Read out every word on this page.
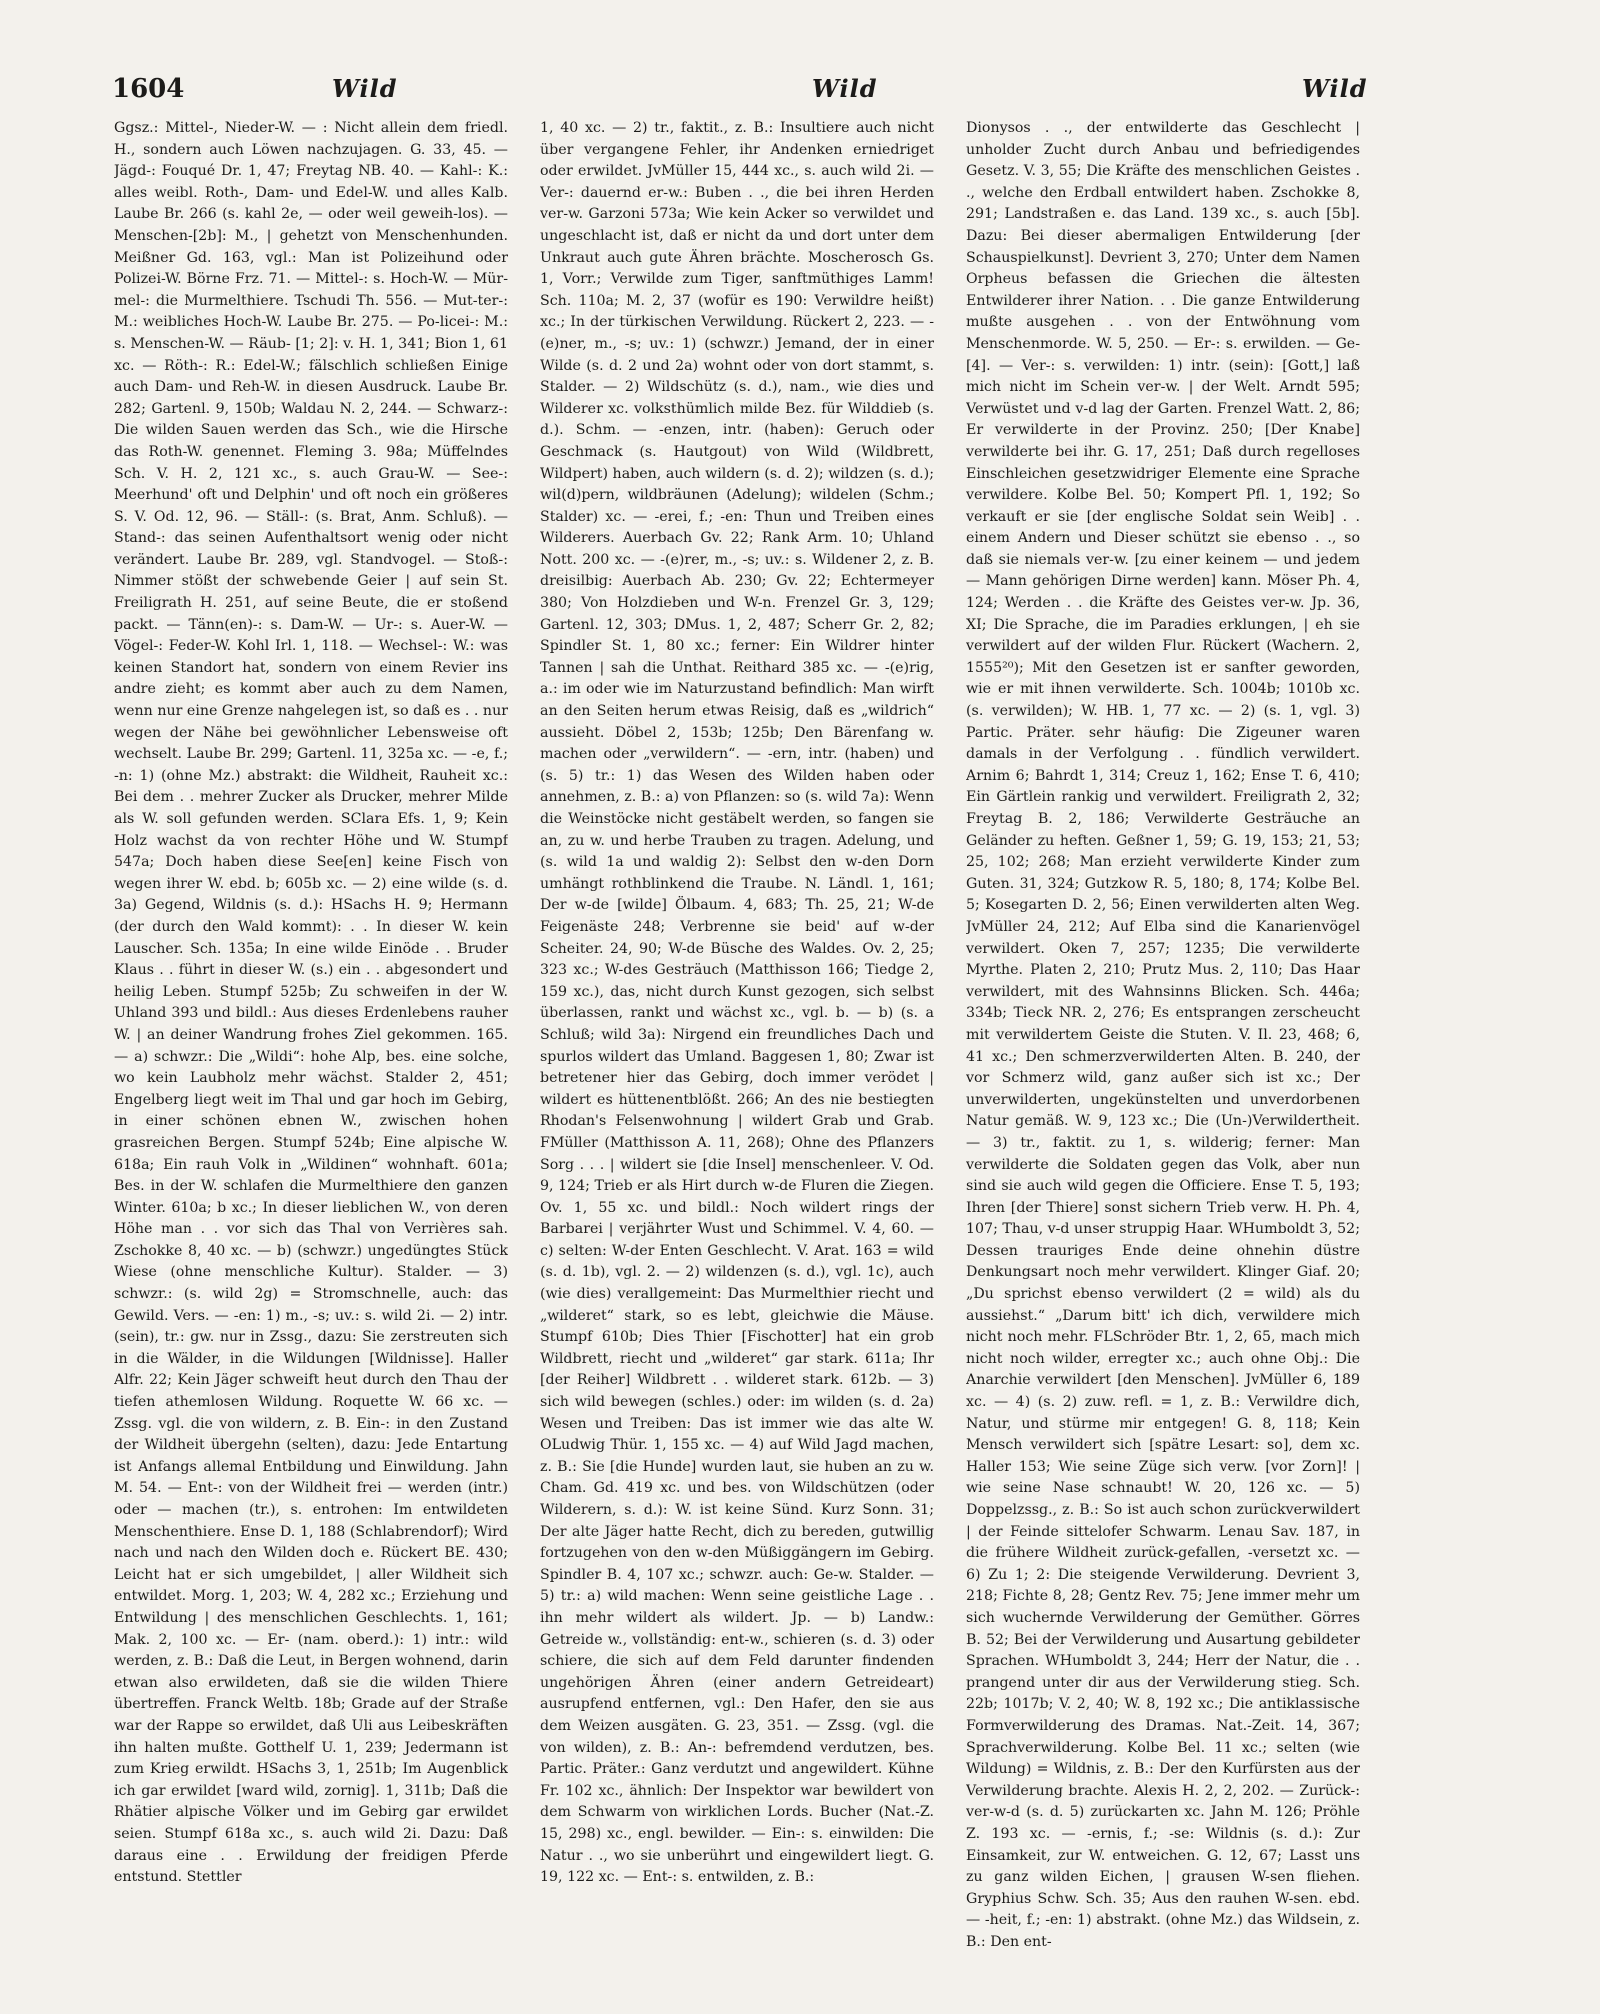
1604	Wild	Wild	Wild

Ggsz.: Mittel-, Nieder-W. — : Nicht allein dem friedl. H., sondern auch Löwen nachzujagen. G. 33, 45. — Jägd-: Fouqué Dr. 1, 47; Freytag NB. 40. — Kahl-: K.: alles weibl. Roth-, Dam- und Edel-W. und alles Kalb. Laube Br. 266 (s. kahl 2e, — oder weil geweih-los). — Menschen-[2b]: M., | gehetzt von Menschenhunden. Meißner Gd. 163, vgl.: Man ist Polizeihund oder Polizei-W. Börne Frz. 71. — Mittel-: s. Hoch-W. — Mür-mel-: die Murmelthiere. Tschudi Th. 556. — Mut-ter-: M.: weibliches Hoch-W. Laube Br. 275. — Po-licei-: M.: s. Menschen-W. — Räub- [1; 2]: v. H. 1, 341; Bion 1, 61 xc. — Röth-: R.: Edel-W.; fälschlich schließen Einige auch Dam- und Reh-W. in diesen Ausdruck. Laube Br. 282; Gartenl. 9, 150b; Waldau N. 2, 244. — Schwarz-: Die wilden Sauen werden das Sch., wie die Hirsche das Roth-W. genennet. Fleming 3. 98a; Müffelndes Sch. V. H. 2, 121 xc., s. auch Grau-W. — See-: Meerhund' oft und Delphin' und oft noch ein größeres S. V. Od. 12, 96. — Ställ-: (s. Brat, Anm. Schluß). — Stand-: das seinen Aufenthaltsort wenig oder nicht verändert. Laube Br. 289, vgl. Standvogel. — Stoß-: Nimmer stößt der schwebende Geier | auf sein St. Freiligrath H. 251, auf seine Beute, die er stoßend packt. — Tänn(en)-: s. Dam-W. — Ur-: s. Auer-W. — Vögel-: Feder-W. Kohl Irl. 1, 118. — Wechsel-: W.: was keinen Standort hat, sondern von einem Revier ins andre zieht; es kommt aber auch zu dem Namen, wenn nur eine Grenze nahgelegen ist, so daß es . . nur wegen der Nähe bei gewöhnlicher Lebensweise oft wechselt. Laube Br. 299; Gartenl. 11, 325a xc. — -e, f.; -n: 1) (ohne Mz.) abstrakt: die Wildheit, Rauheit xc.: Bei dem . . mehrer Zucker als Drucker, mehrer Milde als W. soll gefunden werden. SClara Efs. 1, 9; Kein Holz wachst da von rechter Höhe und W. Stumpf 547a; Doch haben diese See[en] keine Fisch von wegen ihrer W. ebd. b; 605b xc. — 2) eine wilde (s. d. 3a) Gegend, Wildnis (s. d.): HSachs H. 9; Hermann (der durch den Wald kommt): . . In dieser W. kein Lauscher. Sch. 135a; In eine wilde Einöde . . Bruder Klaus . . führt in dieser W. (s.) ein . . abgesondert und heilig Leben. Stumpf 525b; Zu schweifen in der W. Uhland 393 und bildl.: Aus dieses Erdenlebens rauher W. | an deiner Wandrung frohes Ziel gekommen. 165. — a) schwzr.: Die „Wildi“: hohe Alp, bes. eine solche, wo kein Laubholz mehr wächst. Stalder 2, 451; Engelberg liegt weit im Thal und gar hoch im Gebirg, in einer schönen ebnen W., zwischen hohen grasreichen Bergen. Stumpf 524b; Eine alpische W. 618a; Ein rauh Volk in „Wildinen“ wohnhaft. 601a; Bes. in der W. schlafen die Murmelthiere den ganzen Winter. 610a; b xc.; In dieser lieblichen W., von deren Höhe man . . vor sich das Thal von Verrières sah. Zschokke 8, 40 xc. — b) (schwzr.) ungedüngtes Stück Wiese (ohne menschliche Kultur). Stalder. — 3) schwzr.: (s. wild 2g) = Stromschnelle, auch: das Gewild. Vers. — -en: 1) m., -s; uv.: s. wild 2i. — 2) intr. (sein), tr.: gw. nur in Zssg., dazu: Sie zerstreuten sich in die Wälder, in die Wildungen [Wildnisse]. Haller Alfr. 22; Kein Jäger schweift heut durch den Thau der tiefen athemlosen Wildung. Roquette W. 66 xc. — Zssg. vgl. die von wildern, z. B. Ein-: in den Zustand der Wildheit übergehn (selten), dazu: Jede Entartung ist Anfangs allemal Entbildung und Einwildung. Jahn M. 54. — Ent-: von der Wildheit frei — werden (intr.) oder — machen (tr.), s. entrohen: Im entwildeten Menschenthiere. Ense D. 1, 188 (Schlabrendorf); Wird nach und nach den Wilden doch e. Rückert BE. 430; Leicht hat er sich umgebildet, | aller Wildheit sich entwildet. Morg. 1, 203; W. 4, 282 xc.; Erziehung und Entwildung | des menschlichen Geschlechts. 1, 161; Mak. 2, 100 xc. — Er- (nam. oberd.): 1) intr.: wild werden, z. B.: Daß die Leut, in Bergen wohnend, darin etwan also erwildeten, daß sie die wilden Thiere übertreffen. Franck Weltb. 18b; Grade auf der Straße war der Rappe so erwildet, daß Uli aus Leibeskräften ihn halten mußte. Gotthelf U. 1, 239; Jedermann ist zum Krieg erwildt. HSachs 3, 1, 251b; Im Augenblick ich gar erwildet [ward wild, zornig]. 1, 311b; Daß die Rhätier alpische Völker und im Gebirg gar erwildet seien. Stumpf 618a xc., s. auch wild 2i. Dazu: Daß daraus eine . . Erwildung der freidigen Pferde entstund. Stettler

1, 40 xc. — 2) tr., faktit., z. B.: Insultiere auch nicht über vergangene Fehler, ihr Andenken erniedriget oder erwildet. JvMüller 15, 444 xc., s. auch wild 2i. — Ver-: dauernd er-w.: Buben . ., die bei ihren Herden ver-w. Garzoni 573a; Wie kein Acker so verwildet und ungeschlacht ist, daß er nicht da und dort unter dem Unkraut auch gute Ähren brächte. Moscherosch Gs. 1, Vorr.; Verwilde zum Tiger, sanftmüthiges Lamm! Sch. 110a; M. 2, 37 (wofür es 190: Verwildre heißt) xc.; In der türkischen Verwildung. Rückert 2, 223. — -(e)ner, m., -s; uv.: 1) (schwzr.) Jemand, der in einer Wilde (s. d. 2 und 2a) wohnt oder von dort stammt, s. Stalder. — 2) Wildschütz (s. d.), nam., wie dies und Wilderer xc. volksthümlich milde Bez. für Wilddieb (s. d.). Schm. — -enzen, intr. (haben): Geruch oder Geschmack (s. Hautgout) von Wild (Wildbrett, Wildpert) haben, auch wildern (s. d. 2); wildzen (s. d.); wil(d)pern, wildbräunen (Adelung); wildelen (Schm.; Stalder) xc. — -erei, f.; -en: Thun und Treiben eines Wilderers. Auerbach Gv. 22; Rank Arm. 10; Uhland Nott. 200 xc. — -(e)rer, m., -s; uv.: s. Wildener 2, z. B. dreisilbig: Auerbach Ab. 230; Gv. 22; Echtermeyer 380; Von Holzdieben und W-n. Frenzel Gr. 3, 129; Gartenl. 12, 303; DMus. 1, 2, 487; Scherr Gr. 2, 82; Spindler St. 1, 80 xc.; ferner: Ein Wildrer hinter Tannen | sah die Unthat. Reithard 385 xc. — -(e)rig, a.: im oder wie im Naturzustand befindlich: Man wirft an den Seiten herum etwas Reisig, daß es „wildrich“ aussieht. Döbel 2, 153b; 125b; Den Bärenfang w. machen oder „verwildern“. — -ern, intr. (haben) und (s. 5) tr.: 1) das Wesen des Wilden haben oder annehmen, z. B.: a) von Pflanzen: so (s. wild 7a): Wenn die Weinstöcke nicht gestäbelt werden, so fangen sie an, zu w. und herbe Trauben zu tragen. Adelung, und (s. wild 1a und waldig 2): Selbst den w-den Dorn umhängt rothblinkend die Traube. N. Ländl. 1, 161; Der w-de [wilde] Ölbaum. 4, 683; Th. 25, 21; W-de Feigenäste 248; Verbrenne sie beid' auf w-der Scheiter. 24, 90; W-de Büsche des Waldes. Ov. 2, 25; 323 xc.; W-des Gesträuch (Matthisson 166; Tiedge 2, 159 xc.), das, nicht durch Kunst gezogen, sich selbst überlassen, rankt und wächst xc., vgl. b. — b) (s. a Schluß; wild 3a): Nirgend ein freundliches Dach und spurlos wildert das Umland. Baggesen 1, 80; Zwar ist betretener hier das Gebirg, doch immer verödet | wildert es hüttenentblößt. 266; An des nie bestiegten Rhodan's Felsenwohnung | wildert Grab und Grab. FMüller (Matthisson A. 11, 268); Ohne des Pflanzers Sorg . . . | wildert sie [die Insel] menschenleer. V. Od. 9, 124; Trieb er als Hirt durch w-de Fluren die Ziegen. Ov. 1, 55 xc. und bildl.: Noch wildert rings der Barbarei | verjährter Wust und Schimmel. V. 4, 60. — c) selten: W-der Enten Geschlecht. V. Arat. 163 = wild (s. d. 1b), vgl. 2. — 2) wildenzen (s. d.), vgl. 1c), auch (wie dies) verallgemeint: Das Murmelthier riecht und „wilderet“ stark, so es lebt, gleichwie die Mäuse. Stumpf 610b; Dies Thier [Fischotter] hat ein grob Wildbrett, riecht und „wilderet“ gar stark. 611a; Ihr [der Reiher] Wildbrett . . wilderet stark. 612b. — 3) sich wild bewegen (schles.) oder: im wilden (s. d. 2a) Wesen und Treiben: Das ist immer wie das alte W. OLudwig Thür. 1, 155 xc. — 4) auf Wild Jagd machen, z. B.: Sie [die Hunde] wurden laut, sie huben an zu w. Cham. Gd. 419 xc. und bes. von Wildschützen (oder Wilderern, s. d.): W. ist keine Sünd. Kurz Sonn. 31; Der alte Jäger hatte Recht, dich zu bereden, gutwillig fortzugehen von den w-den Müßiggängern im Gebirg. Spindler B. 4, 107 xc.; schwzr. auch: Ge-w. Stalder. — 5) tr.: a) wild machen: Wenn seine geistliche Lage . . ihn mehr wildert als wildert. Jp. — b) Landw.: Getreide w., vollständig: ent-w., schieren (s. d. 3) oder schiere, die sich auf dem Feld darunter findenden ungehörigen Ähren (einer andern Getreideart) ausrupfend entfernen, vgl.: Den Hafer, den sie aus dem Weizen ausgäten. G. 23, 351. — Zssg. (vgl. die von wilden), z. B.: An-: befremdend verdutzen, bes. Partic. Präter.: Ganz verdutzt und angewildert. Kühne Fr. 102 xc., ähnlich: Der Inspektor war bewildert von dem Schwarm von wirklichen Lords. Bucher (Nat.-Z. 15, 298) xc., engl. bewilder. — Ein-: s. einwilden: Die Natur . ., wo sie unberührt und eingewildert liegt. G. 19, 122 xc. — Ent-: s. entwilden, z. B.:

Dionysos . ., der entwilderte das Geschlecht | unholder Zucht durch Anbau und befriedigendes Gesetz. V. 3, 55; Die Kräfte des menschlichen Geistes . ., welche den Erdball entwildert haben. Zschokke 8, 291; Landstraßen e. das Land. 139 xc., s. auch [5b]. Dazu: Bei dieser abermaligen Entwilderung [der Schauspielkunst]. Devrient 3, 270; Unter dem Namen Orpheus befassen die Griechen die ältesten Entwilderer ihrer Nation. . . Die ganze Entwilderung mußte ausgehen . . von der Entwöhnung vom Menschenmorde. W. 5, 250. — Er-: s. erwilden. — Ge- [4]. — Ver-: s. verwilden: 1) intr. (sein): [Gott,] laß mich nicht im Schein ver-w. | der Welt. Arndt 595; Verwüstet und v-d lag der Garten. Frenzel Watt. 2, 86; Er verwilderte in der Provinz. 250; [Der Knabe] verwilderte bei ihr. G. 17, 251; Daß durch regelloses Einschleichen gesetzwidriger Elemente eine Sprache verwildere. Kolbe Bel. 50; Kompert Pfl. 1, 192; So verkauft er sie [der englische Soldat sein Weib] . . einem Andern und Dieser schützt sie ebenso . ., so daß sie niemals ver-w. [zu einer keinem — und jedem — Mann gehörigen Dirne werden] kann. Möser Ph. 4, 124; Werden . . die Kräfte des Geistes ver-w. Jp. 36, XI; Die Sprache, die im Paradies erklungen, | eh sie verwildert auf der wilden Flur. Rückert (Wachern. 2, 1555²⁰); Mit den Gesetzen ist er sanfter geworden, wie er mit ihnen verwilderte. Sch. 1004b; 1010b xc. (s. verwilden); W. HB. 1, 77 xc. — 2) (s. 1, vgl. 3) Partic. Präter. sehr häufig: Die Zigeuner waren damals in der Verfolgung . . fündlich verwildert. Arnim 6; Bahrdt 1, 314; Creuz 1, 162; Ense T. 6, 410; Ein Gärtlein rankig und verwildert. Freiligrath 2, 32; Freytag B. 2, 186; Verwilderte Gesträuche an Geländer zu heften. Geßner 1, 59; G. 19, 153; 21, 53; 25, 102; 268; Man erzieht verwilderte Kinder zum Guten. 31, 324; Gutzkow R. 5, 180; 8, 174; Kolbe Bel. 5; Kosegarten D. 2, 56; Einen verwilderten alten Weg. JvMüller 24, 212; Auf Elba sind die Kanarienvögel verwildert. Oken 7, 257; 1235; Die verwilderte Myrthe. Platen 2, 210; Prutz Mus. 2, 110; Das Haar verwildert, mit des Wahnsinns Blicken. Sch. 446a; 334b; Tieck NR. 2, 276; Es entsprangen zerscheucht mit verwildertem Geiste die Stuten. V. Il. 23, 468; 6, 41 xc.; Den schmerzverwilderten Alten. B. 240, der vor Schmerz wild, ganz außer sich ist xc.; Der unverwilderten, ungekünstelten und unverdorbenen Natur gemäß. W. 9, 123 xc.; Die (Un-)Verwildertheit. — 3) tr., faktit. zu 1, s. wilderig; ferner: Man verwilderte die Soldaten gegen das Volk, aber nun sind sie auch wild gegen die Officiere. Ense T. 5, 193; Ihren [der Thiere] sonst sichern Trieb verw. H. Ph. 4, 107; Thau, v-d unser struppig Haar. WHumboldt 3, 52; Dessen trauriges Ende deine ohnehin düstre Denkungsart noch mehr verwildert. Klinger Giaf. 20; „Du sprichst ebenso verwildert (2 = wild) als du aussiehst.“ „Darum bitt' ich dich, verwildere mich nicht noch mehr. FLSchröder Btr. 1, 2, 65, mach mich nicht noch wilder, erregter xc.; auch ohne Obj.: Die Anarchie verwildert [den Menschen]. JvMüller 6, 189 xc. — 4) (s. 2) zuw. refl. = 1, z. B.: Verwildre dich, Natur, und stürme mir entgegen! G. 8, 118; Kein Mensch verwildert sich [spätre Lesart: so], dem xc. Haller 153; Wie seine Züge sich verw. [vor Zorn]! | wie seine Nase schnaubt! W. 20, 126 xc. — 5) Doppelzssg., z. B.: So ist auch schon zurückverwildert | der Feinde sittelofer Schwarm. Lenau Sav. 187, in die frühere Wildheit zurück-gefallen, -versetzt xc. — 6) Zu 1; 2: Die steigende Verwilderung. Devrient 3, 218; Fichte 8, 28; Gentz Rev. 75; Jene immer mehr um sich wuchernde Verwilderung der Gemüther. Görres B. 52; Bei der Verwilderung und Ausartung gebildeter Sprachen. WHumboldt 3, 244; Herr der Natur, die . . prangend unter dir aus der Verwilderung stieg. Sch. 22b; 1017b; V. 2, 40; W. 8, 192 xc.; Die antiklassische Formverwilderung des Dramas. Nat.-Zeit. 14, 367; Sprachverwilderung. Kolbe Bel. 11 xc.; selten (wie Wildung) = Wildnis, z. B.: Der den Kurfürsten aus der Verwilderung brachte. Alexis H. 2, 2, 202. — Zurück-: ver-w-d (s. d. 5) zurückarten xc. Jahn M. 126; Pröhle Z. 193 xc. — -ernis, f.; -se: Wildnis (s. d.): Zur Einsamkeit, zur W. entweichen. G. 12, 67; Lasst uns zu ganz wilden Eichen, | grausen W-sen fliehen. Gryphius Schw. Sch. 35; Aus den rauhen W-sen. ebd. — -heit, f.; -en: 1) abstrakt. (ohne Mz.) das Wildsein, z. B.: Den ent-
